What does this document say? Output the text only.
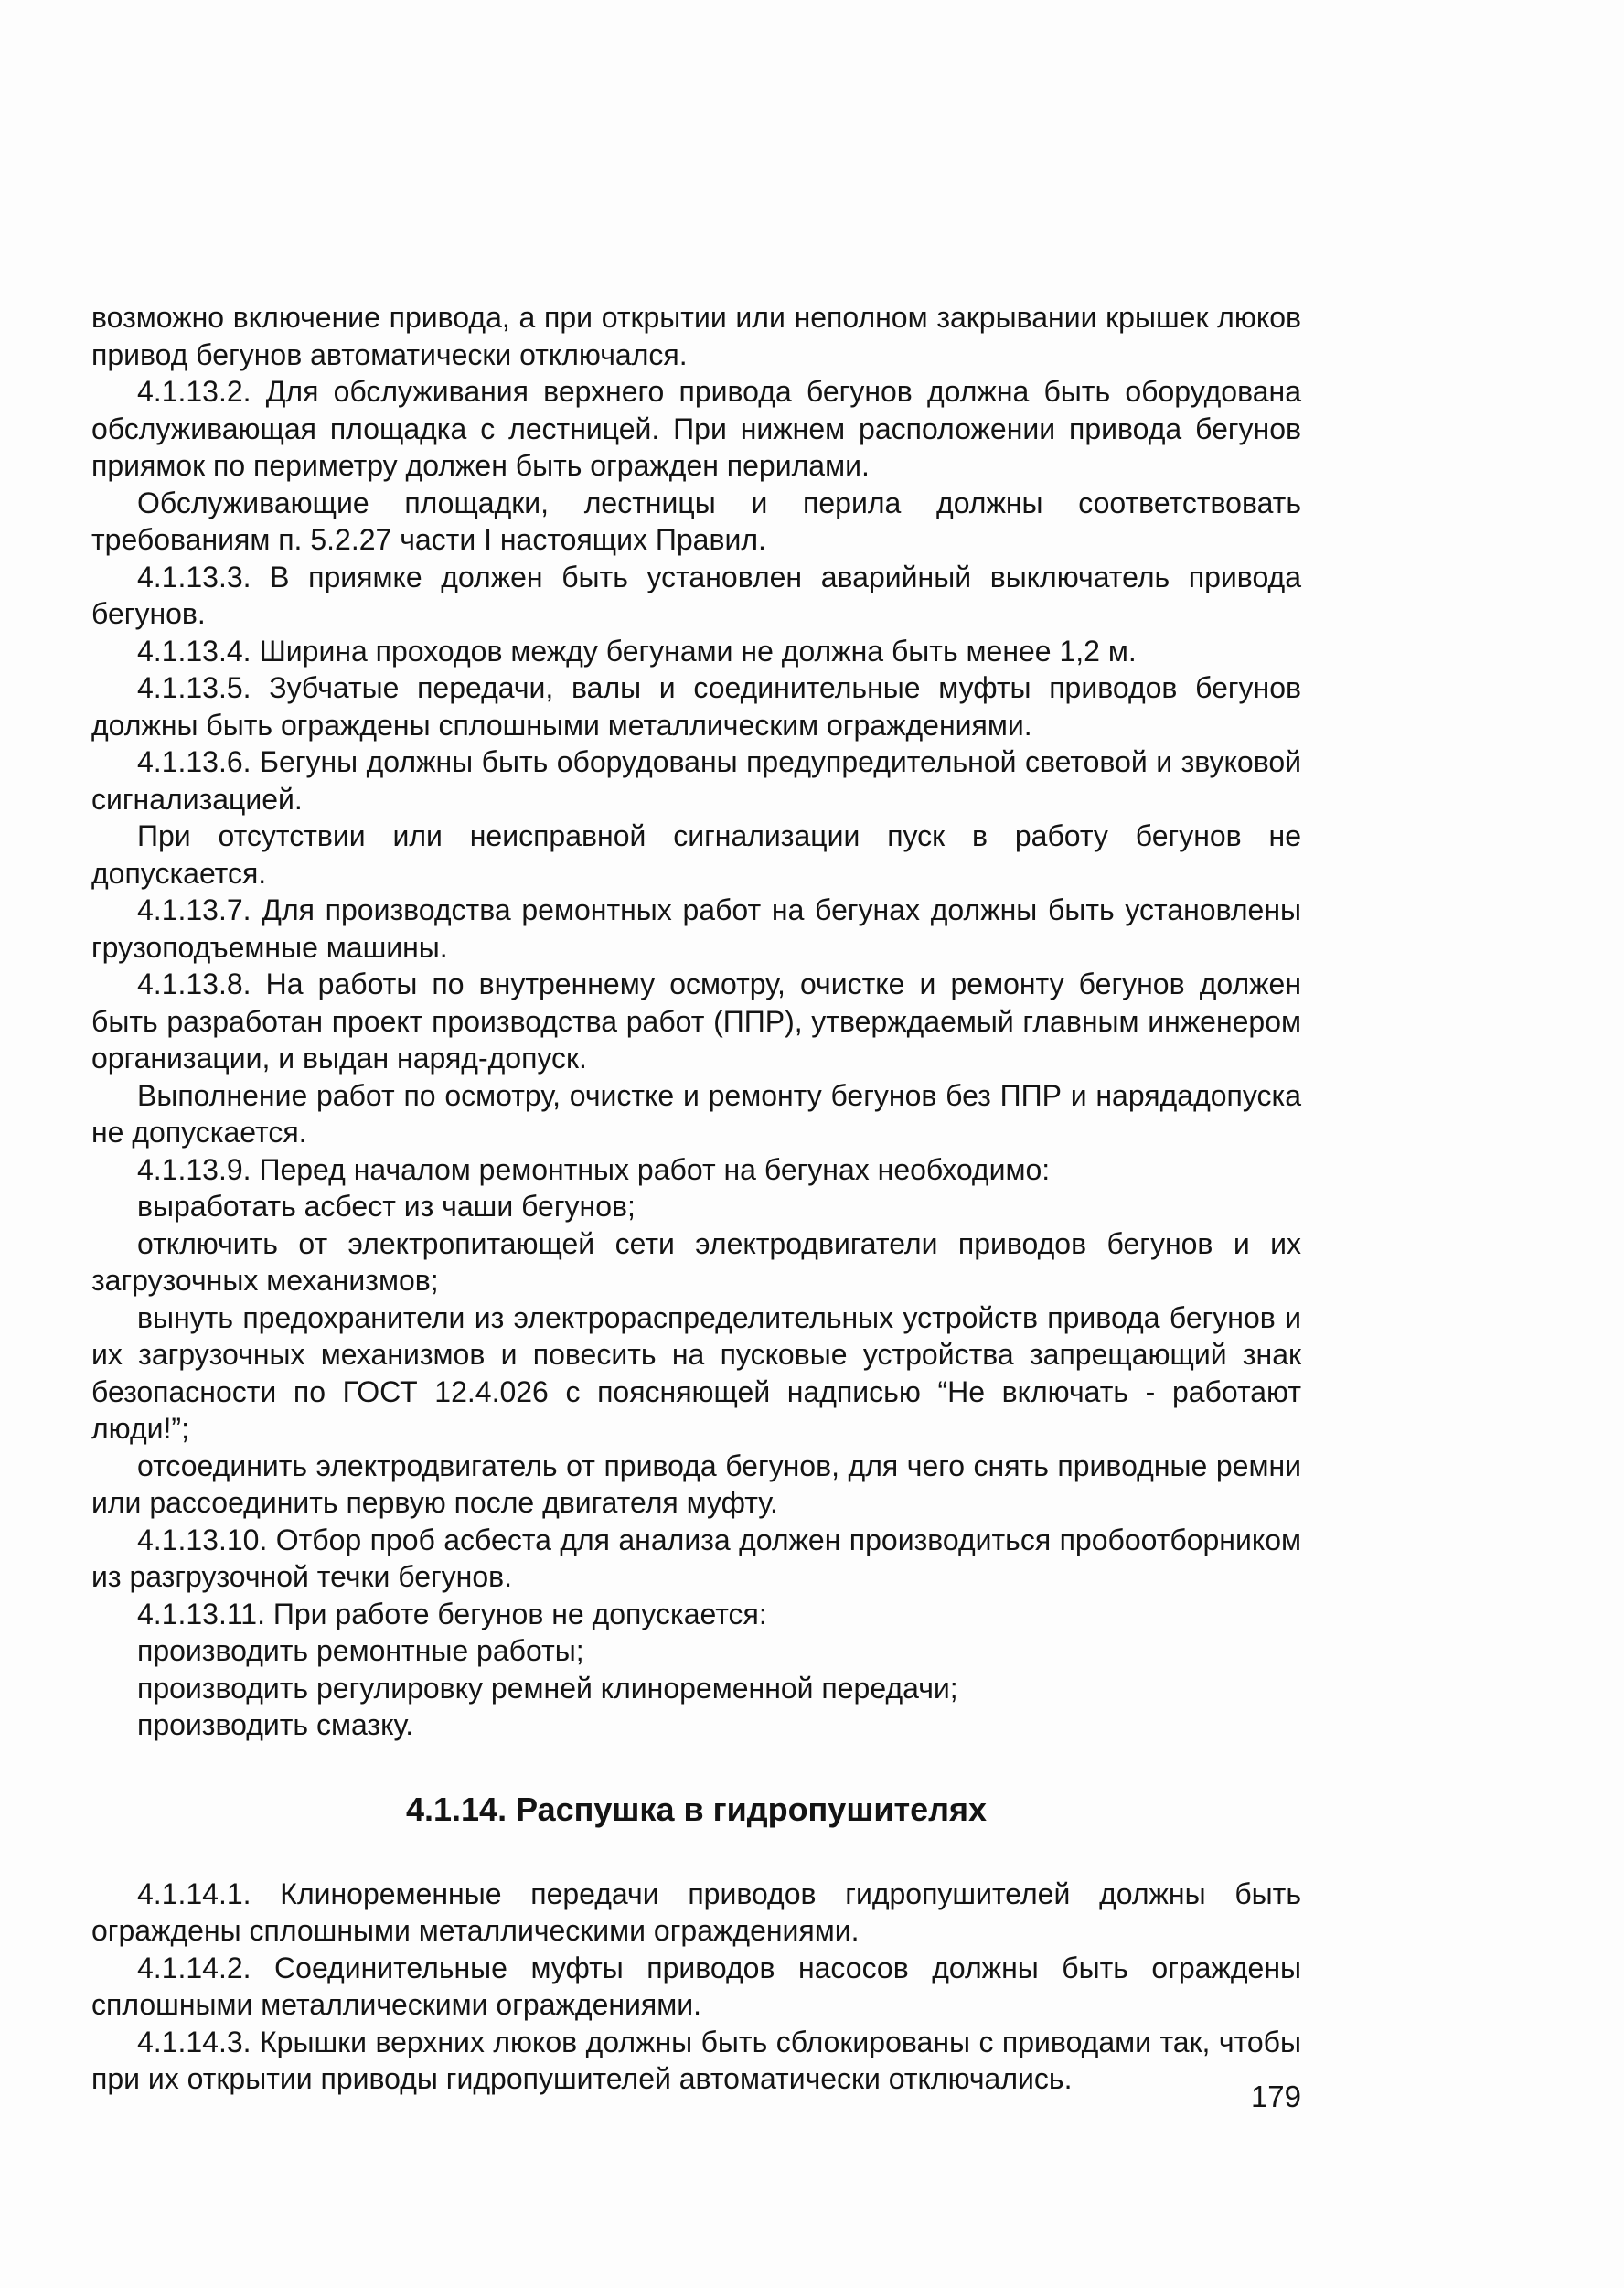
возможно включение привода, а при открытии или неполном закрывании крышек люков привод бегунов автоматически отключался.

4.1.13.2. Для обслуживания верхнего привода бегунов должна быть оборудована обслуживающая площадка с лестницей. При нижнем расположении привода бегунов приямок по периметру должен быть огражден перилами.

Обслуживающие площадки, лестницы и перила должны соответствовать требованиям п. 5.2.27 части I настоящих Правил.

4.1.13.3. В приямке должен быть установлен аварийный выключатель привода бегунов.

4.1.13.4. Ширина проходов между бегунами не должна быть менее 1,2 м.

4.1.13.5. Зубчатые передачи, валы и соединительные муфты приводов бегунов должны быть ограждены сплошными металлическим ограждениями.

4.1.13.6. Бегуны должны быть оборудованы предупредительной световой и звуковой сигнализацией.

При отсутствии или неисправной сигнализации пуск в работу бегунов не допускается.

4.1.13.7. Для производства ремонтных работ на бегунах должны быть установлены грузоподъемные машины.

4.1.13.8. На работы по внутреннему осмотру, очистке и ремонту бегунов должен быть разработан проект производства работ (ППР), утверждаемый главным инженером организации, и выдан наряд-допуск.

Выполнение работ по осмотру, очистке и ремонту бегунов без ППР и нарядадопуска не допускается.

4.1.13.9. Перед началом ремонтных работ на бегунах необходимо:

выработать асбест из чаши бегунов;

отключить от электропитающей сети электродвигатели приводов бегунов и их загрузочных механизмов;

вынуть предохранители из электрораспределительных устройств привода бегунов и их загрузочных механизмов и повесить на пусковые устройства запрещающий знак безопасности по ГОСТ 12.4.026 с поясняющей надписью “Не включать - работают люди!”;

отсоединить электродвигатель от привода бегунов, для чего снять приводные ремни или рассоединить первую после двигателя муфту.

4.1.13.10. Отбор проб асбеста для анализа должен производиться пробоотборником из разгрузочной течки бегунов.

4.1.13.11. При работе бегунов не допускается:

производить ремонтные работы;

производить регулировку ремней клиноременной передачи;

производить смазку.

4.1.14. Распушка в гидропушителях

4.1.14.1. Клиноременные передачи приводов гидропушителей должны быть ограждены сплошными металлическими ограждениями.

4.1.14.2. Соединительные муфты приводов насосов должны быть ограждены сплошными металлическими ограждениями.

4.1.14.3. Крышки верхних люков должны быть сблокированы с приводами так, чтобы при их открытии приводы гидропушителей автоматически отключались.

179
